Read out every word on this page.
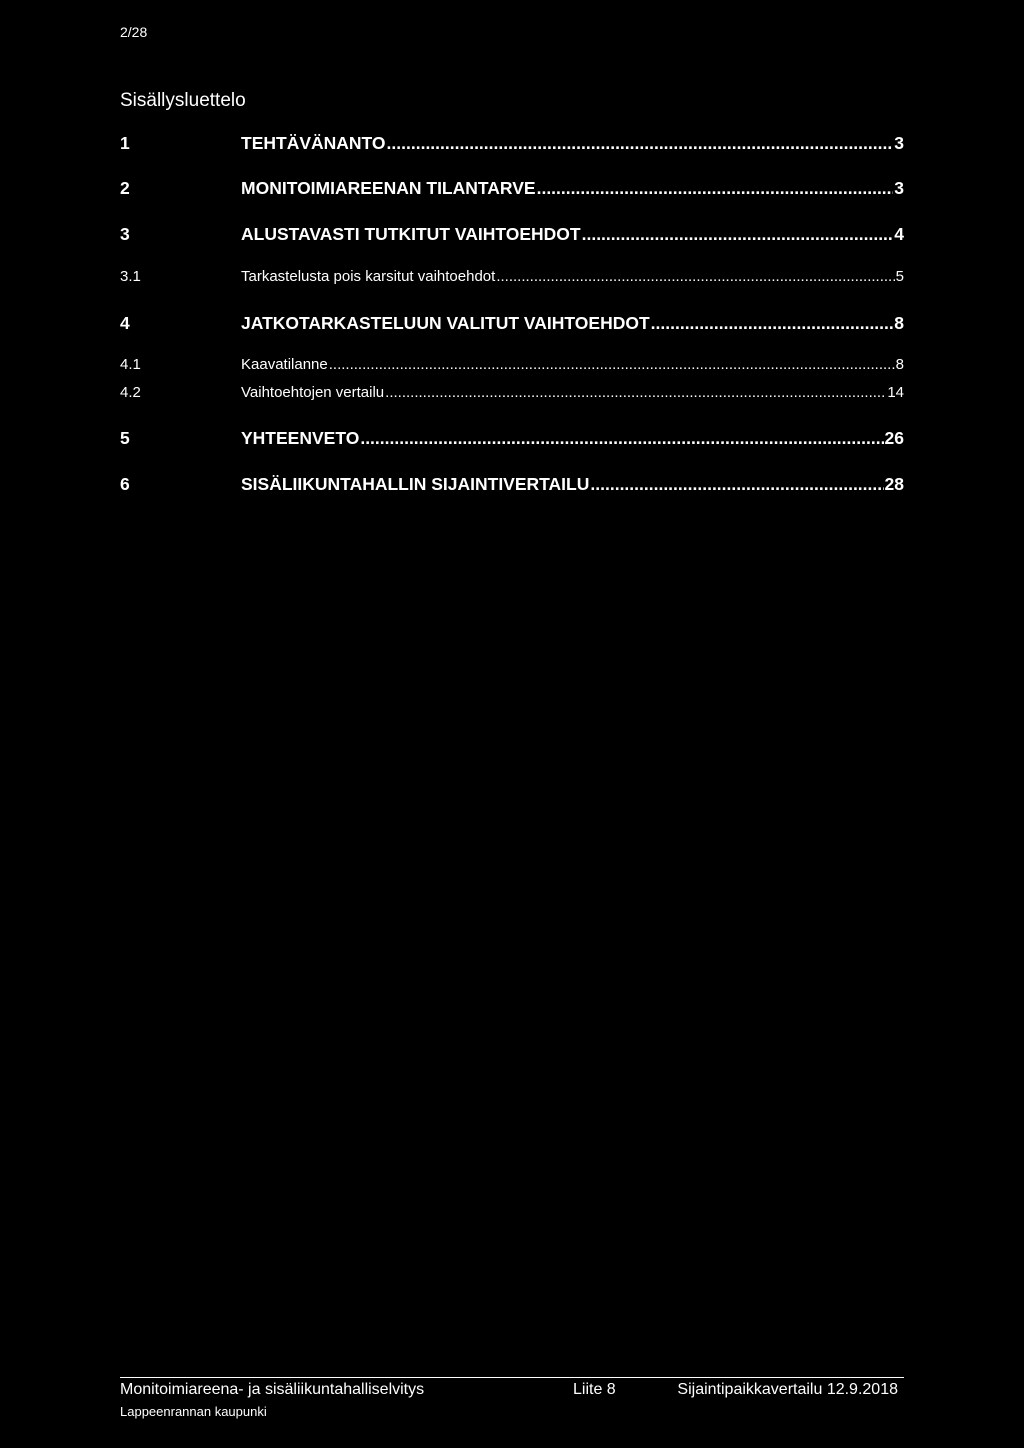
2/28
Sisällysluettelo
1	TEHTÄVÄNANTO .....	3
2	MONITOIMIAREENAN TILANTARVE .....	3
3	ALUSTAVASTI TUTKITUT VAIHTOEHDOT .....	4
3.1	Tarkastelusta pois karsitut vaihtoehdot .....	5
4	JATKOTARKASTELUUN VALITUT VAIHTOEHDOT .....	8
4.1	Kaavatilanne .....	8
4.2	Vaihtoehtojen vertailu .....	14
5	YHTEENVETO .....	26
6	SISÄLIIKUNTAHALLIN SIJAINTIVERTAILU .....	28
Monitoimiareena- ja sisäliikuntahalliselvitys	Liite 8	Sijaintipaikkavertailu 12.9.2018
Lappeenrannan kaupunki
